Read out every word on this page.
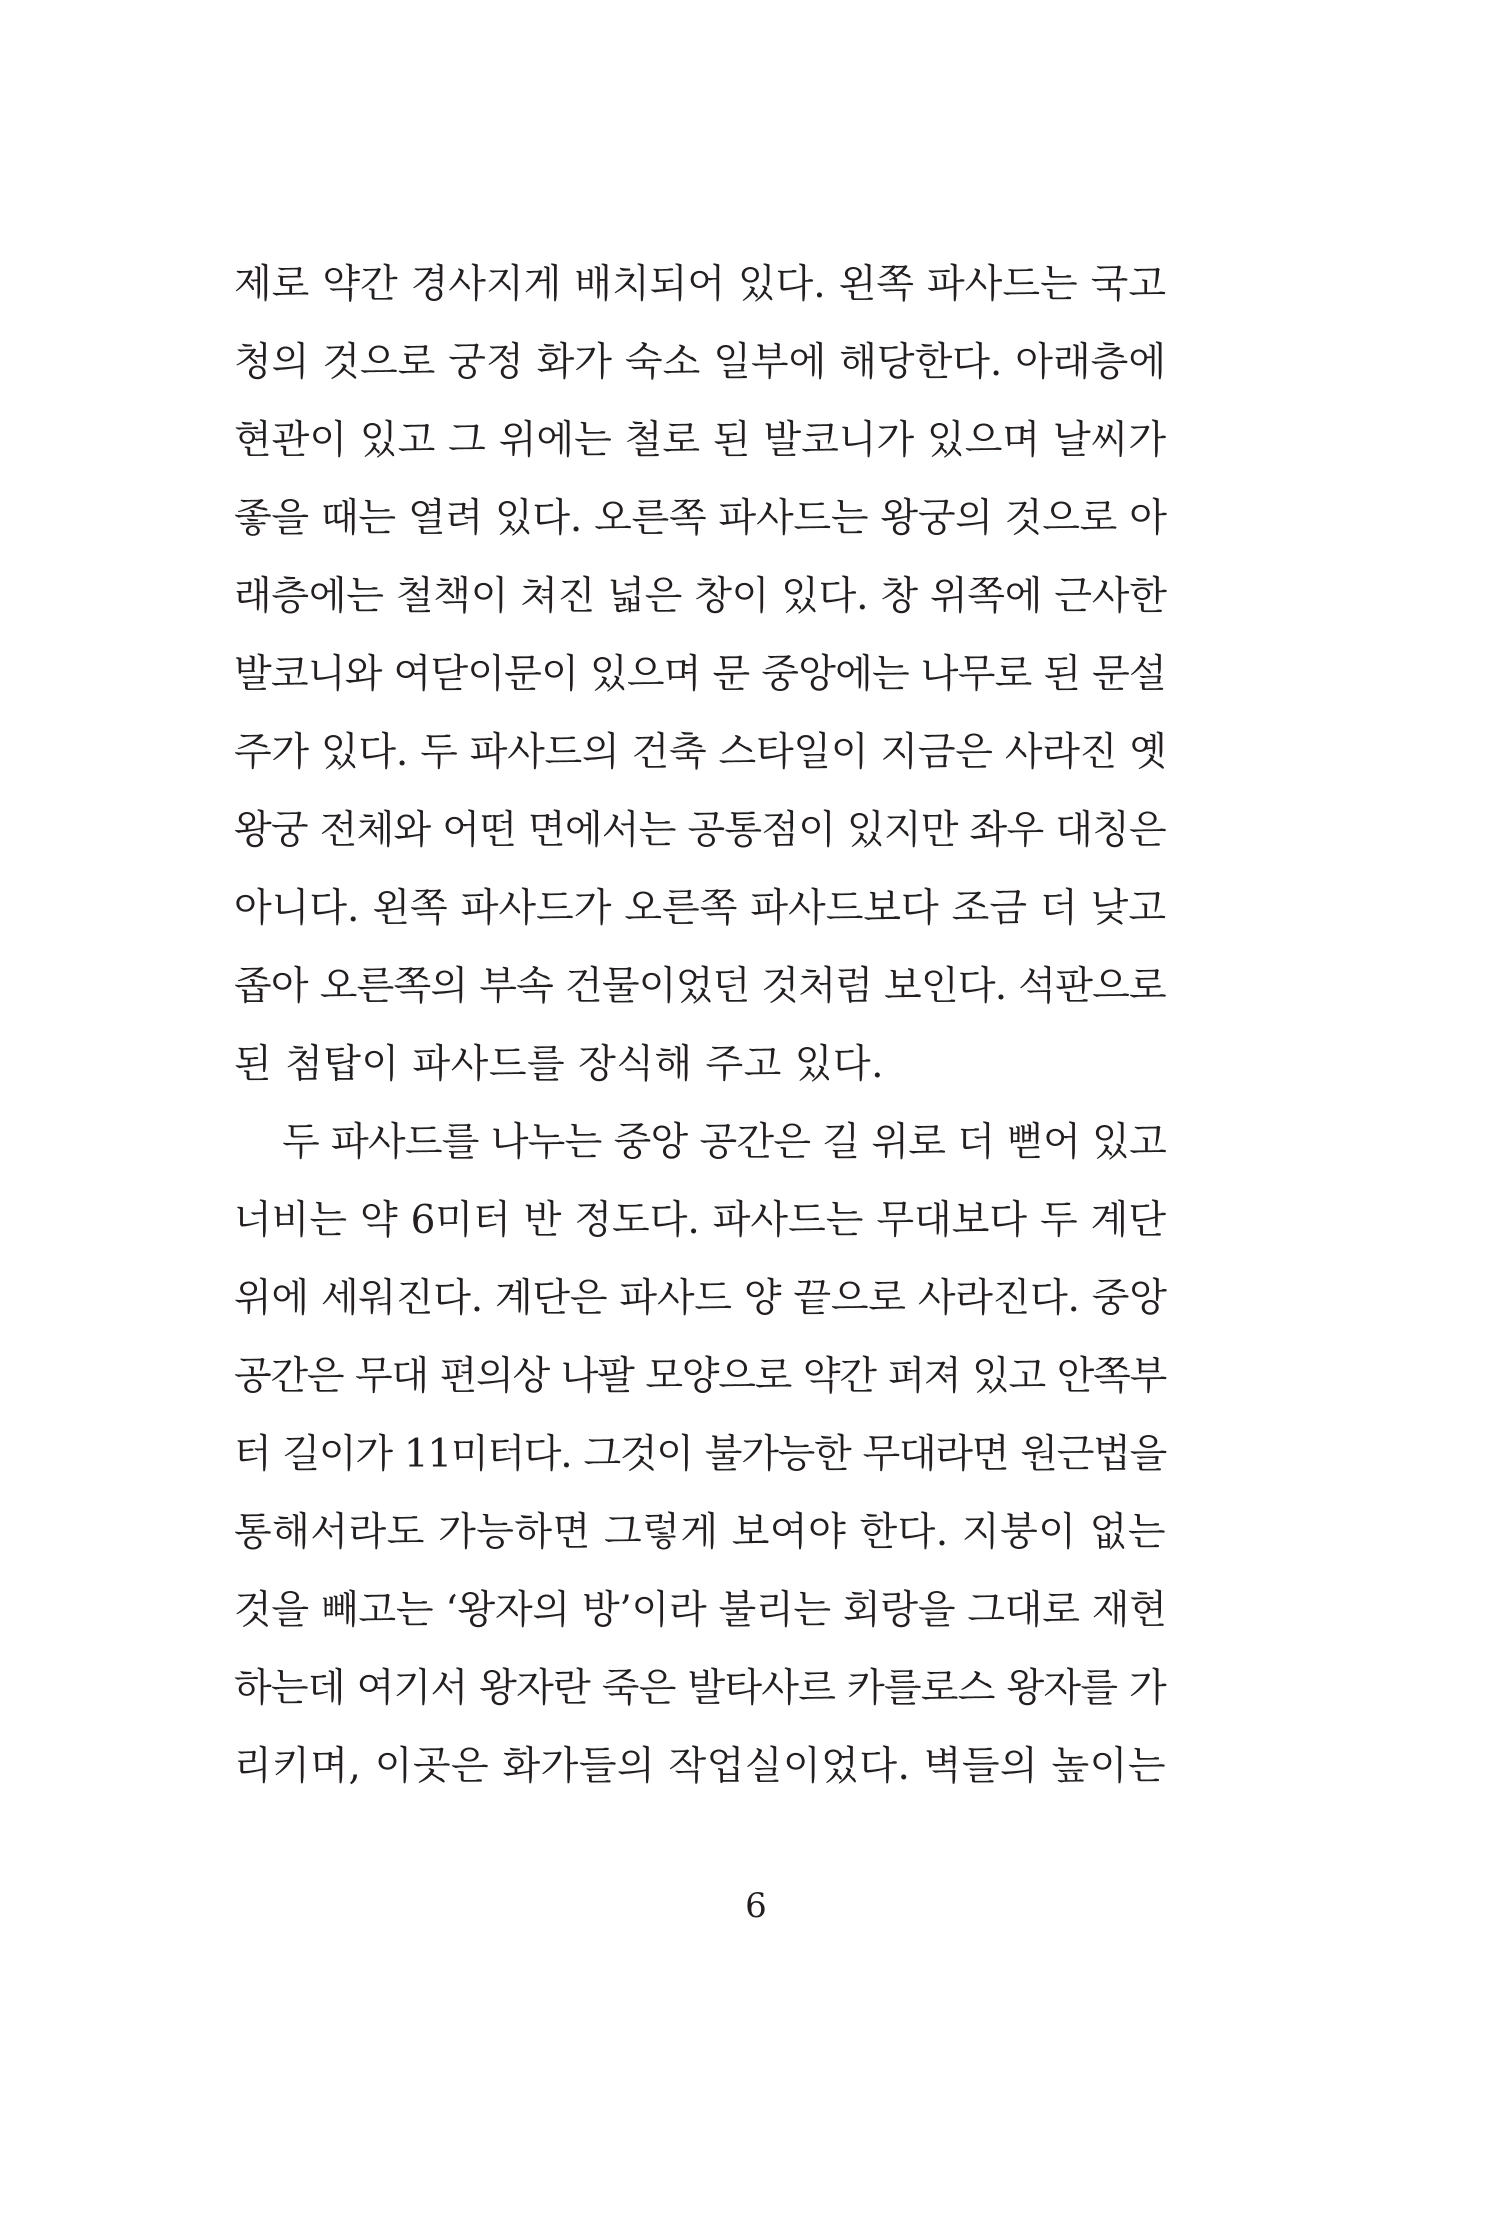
제로 약간 경사지게 배치되어 있다. 왼쪽 파사드는 국고
청의 것으로 궁정 화가 숙소 일부에 해당한다. 아래층에
현관이 있고 그 위에는 철로 된 발코니가 있으며 날씨가
좋을 때는 열려 있다. 오른쪽 파사드는 왕궁의 것으로 아
래층에는 철책이 쳐진 넓은 창이 있다. 창 위쪽에 근사한
발코니와 여닫이문이 있으며 문 중앙에는 나무로 된 문설
주가 있다. 두 파사드의 건축 스타일이 지금은 사라진 옛
왕궁 전체와 어떤 면에서는 공통점이 있지만 좌우 대칭은
아니다. 왼쪽 파사드가 오른쪽 파사드보다 조금 더 낮고
좁아 오른쪽의 부속 건물이었던 것처럼 보인다. 석판으로
된 첨탑이 파사드를 장식해 주고 있다.
두 파사드를 나누는 중앙 공간은 길 위로 더 뻗어 있고
너비는 약 6미터 반 정도다. 파사드는 무대보다 두 계단
위에 세워진다. 계단은 파사드 양 끝으로 사라진다. 중앙
공간은 무대 편의상 나팔 모양으로 약간 퍼져 있고 안쪽부
터 길이가 11미터다. 그것이 불가능한 무대라면 원근법을
통해서라도 가능하면 그렇게 보여야 한다. 지붕이 없는
것을 빼고는 ‘왕자의 방’이라 불리는 회랑을 그대로 재현
하는데 여기서 왕자란 죽은 발타사르 카를로스 왕자를 가
리키며, 이곳은 화가들의 작업실이었다. 벽들의 높이는
6
